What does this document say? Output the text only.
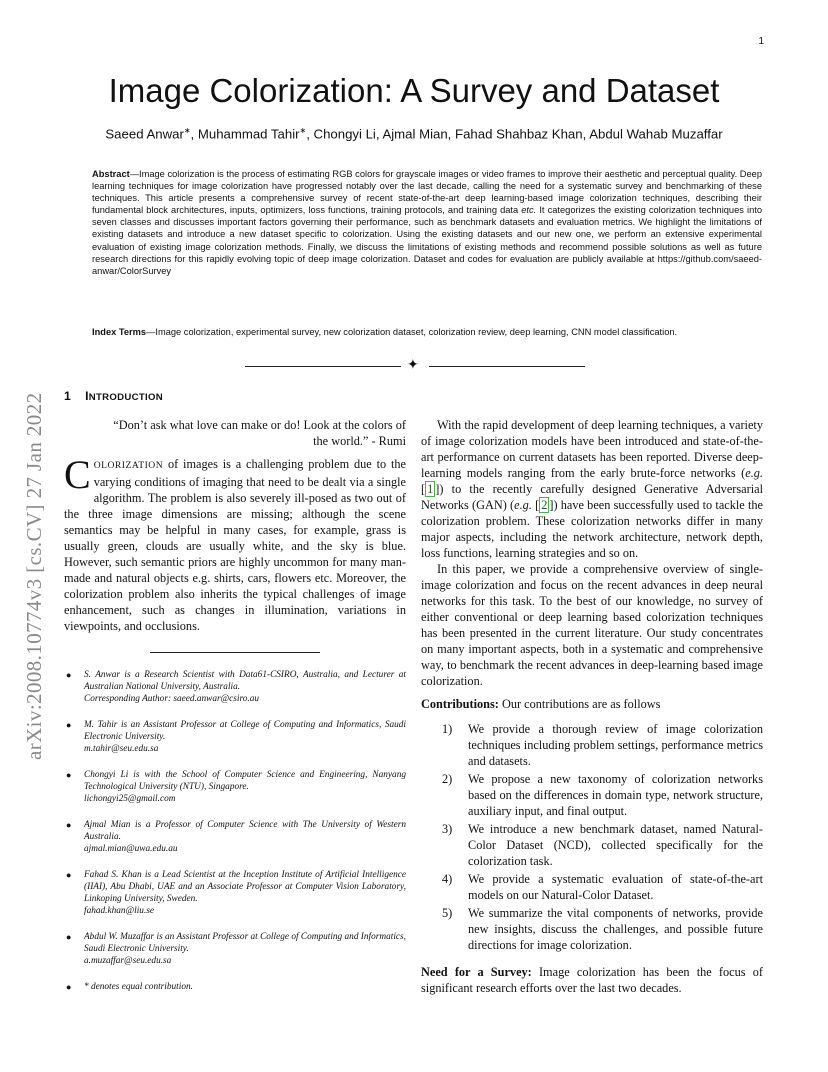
1
arXiv:2008.10774v3 [cs.CV] 27 Jan 2022
Image Colorization: A Survey and Dataset
Saeed Anwar∗, Muhammad Tahir∗, Chongyi Li, Ajmal Mian, Fahad Shahbaz Khan, Abdul Wahab Muzaffar
Abstract—Image colorization is the process of estimating RGB colors for grayscale images or video frames to improve their aesthetic and perceptual quality. Deep learning techniques for image colorization have progressed notably over the last decade, calling the need for a systematic survey and benchmarking of these techniques. This article presents a comprehensive survey of recent state-of-the-art deep learning-based image colorization techniques, describing their fundamental block architectures, inputs, optimizers, loss functions, training protocols, and training data etc. It categorizes the existing colorization techniques into seven classes and discusses important factors governing their performance, such as benchmark datasets and evaluation metrics. We highlight the limitations of existing datasets and introduce a new dataset specific to colorization. Using the existing datasets and our new one, we perform an extensive experimental evaluation of existing image colorization methods. Finally, we discuss the limitations of existing methods and recommend possible solutions as well as future research directions for this rapidly evolving topic of deep image colorization. Dataset and codes for evaluation are publicly available at https://github.com/saeed-anwar/ColorSurvey
Index Terms—Image colorization, experimental survey, new colorization dataset, colorization review, deep learning, CNN model classification.
✦
1 INTRODUCTION
“Don’t ask what love can make or do! Look at the colors of
the world.” - Rumi

COLORIZATION of images is a challenging problem due to the varying conditions of imaging that need to be dealt via a single algorithm. The problem is also severely ill-posed as two out of the three image dimensions are missing; although the scene semantics may be helpful in many cases, for example, grass is usually green, clouds are usually white, and the sky is blue. However, such semantic priors are highly uncommon for many man-made and natural objects e.g. shirts, cars, flowers etc. Moreover, the colorization problem also inherits the typical challenges of image enhancement, such as changes in illumination, variations in viewpoints, and occlusions.

● S. Anwar is a Research Scientist with Data61-CSIRO, Australia, and Lecturer at Australian National University, Australia.
Corresponding Author: saeed.anwar@csiro.au
● M. Tahir is an Assistant Professor at College of Computing and Informatics, Saudi Electronic University.
m.tahir@seu.edu.sa
● Chongyi Li is with the School of Computer Science and Engineering, Nanyang Technological University (NTU), Singapore.
lichongyi25@gmail.com
● Ajmal Mian is a Professor of Computer Science with The University of Western Australia.
ajmal.mian@uwa.edu.au
● Fahad S. Khan is a Lead Scientist at the Inception Institute of Artificial Intelligence (IIAI), Abu Dhabi, UAE and an Associate Professor at Computer Vision Laboratory, Linkoping University, Sweden.
fahad.khan@liu.se
● Abdul W. Muzaffar is an Assistant Professor at College of Computing and Informatics, Saudi Electronic University.
a.muzaffar@seu.edu.sa
● * denotes equal contribution.

With the rapid development of deep learning techniques, a variety of image colorization models have been introduced and state-of-the-art performance on current datasets has been reported. Diverse deep-learning models ranging from the early brute-force networks (e.g. [ 1 ]) to the recently carefully designed Generative Adversarial Networks (GAN) (e.g. [ 2 ]) have been successfully used to tackle the colorization problem. These colorization networks differ in many major aspects, including the network architecture, network depth, loss functions, learning strategies and so on.

In this paper, we provide a comprehensive overview of single-image colorization and focus on the recent advances in deep neural networks for this task. To the best of our knowledge, no survey of either conventional or deep learning based colorization techniques has been presented in the current literature. Our study concentrates on many important aspects, both in a systematic and comprehensive way, to benchmark the recent advances in deep-learning based image colorization.

Contributions: Our contributions are as follows

1) We provide a thorough review of image colorization techniques including problem settings, performance metrics and datasets.
2) We propose a new taxonomy of colorization networks based on the differences in domain type, network structure, auxiliary input, and final output.
3) We introduce a new benchmark dataset, named Natural-Color Dataset (NCD), collected specifically for the colorization task.
4) We provide a systematic evaluation of state-of-the-art models on our Natural-Color Dataset.
5) We summarize the vital components of networks, provide new insights, discuss the challenges, and possible future directions for image colorization.

Need for a Survey: Image colorization has been the focus of significant research efforts over the last two decades.
